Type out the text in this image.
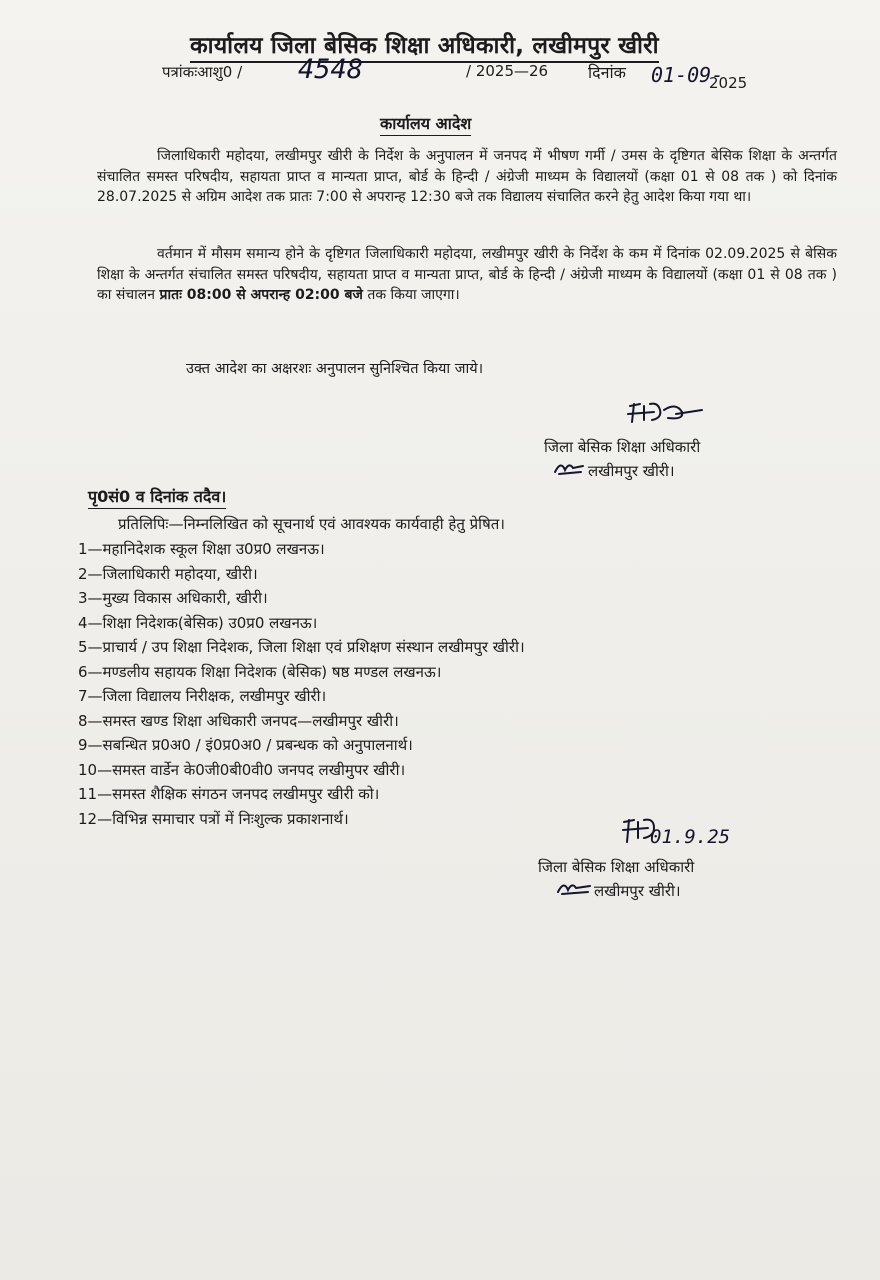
कार्यालय जिला बेसिक शिक्षा अधिकारी, लखीमपुर खीरी
पत्रांकःआशु0 / 4548	/ 2025—26 दिनांक 01-09-
2025
कार्यालय आदेश

जिलाधिकारी महोदया, लखीमपुर खीरी के निर्देश के अनुपालन में जनपद में भीषण गर्मी / उमस के दृष्टिगत बेसिक शिक्षा के अन्तर्गत संचालित समस्त परिषदीय, सहायता प्राप्त व मान्यता प्राप्त, बोर्ड के हिन्दी / अंग्रेजी माध्यम के विद्यालयों (कक्षा 01 से 08 तक ) को दिनांक 28.07.2025 से अग्रिम आदेश तक प्रातः 7:00 से अपरान्ह 12:30 बजे तक विद्यालय संचालित करने हेतु आदेश किया गया था।

वर्तमान में मौसम समान्य होने के दृष्टिगत जिलाधिकारी महोदया, लखीमपुर खीरी के निर्देश के कम में दिनांक 02.09.2025 से बेसिक शिक्षा के अन्तर्गत संचालित समस्त परिषदीय, सहायता प्राप्त व मान्यता प्राप्त, बोर्ड के हिन्दी / अंग्रेजी माध्यम के विद्यालयों (कक्षा 01 से 08 तक ) का संचालन प्रातः 08:00 से अपरान्ह 02:00 बजे तक किया जाएगा।

उक्त आदेश का अक्षरशः अनुपालन सुनिश्चित किया जाये।
जिला बेसिक शिक्षा अधिकारी
लखीमपुर खीरी।
पृ0सं0 व दिनांक तदैव।
प्रतिलिपिः—निम्नलिखित को सूचनार्थ एवं आवश्यक कार्यवाही हेतु प्रेषित।
1—महानिदेशक स्कूल शिक्षा उ0प्र0 लखनऊ।
2—जिलाधिकारी महोदया, खीरी।
3—मुख्य विकास अधिकारी, खीरी।
4—शिक्षा निदेशक(बेसिक) उ0प्र0 लखनऊ।
5—प्राचार्य / उप शिक्षा निदेशक, जिला शिक्षा एवं प्रशिक्षण संस्थान लखीमपुर खीरी।
6—मण्डलीय सहायक शिक्षा निदेशक (बेसिक) षष्ठ मण्डल लखनऊ।
7—जिला विद्यालय निरीक्षक, लखीमपुर खीरी।
8—समस्त खण्ड शिक्षा अधिकारी जनपद—लखीमपुर खीरी।
9—सबन्धित प्र0अ0 / इं0प्र0अ0 / प्रबन्धक को अनुपालनार्थ।
10—समस्त वार्डेन के0जी0बी0वी0 जनपद लखीमुपर खीरी।
11—समस्त शैक्षिक संगठन जनपद लखीमपुर खीरी को।
12—विभिन्न समाचार पत्रों में निःशुल्क प्रकाशनार्थ।
01.9.25
जिला बेसिक शिक्षा अधिकारी
लखीमपुर खीरी।
